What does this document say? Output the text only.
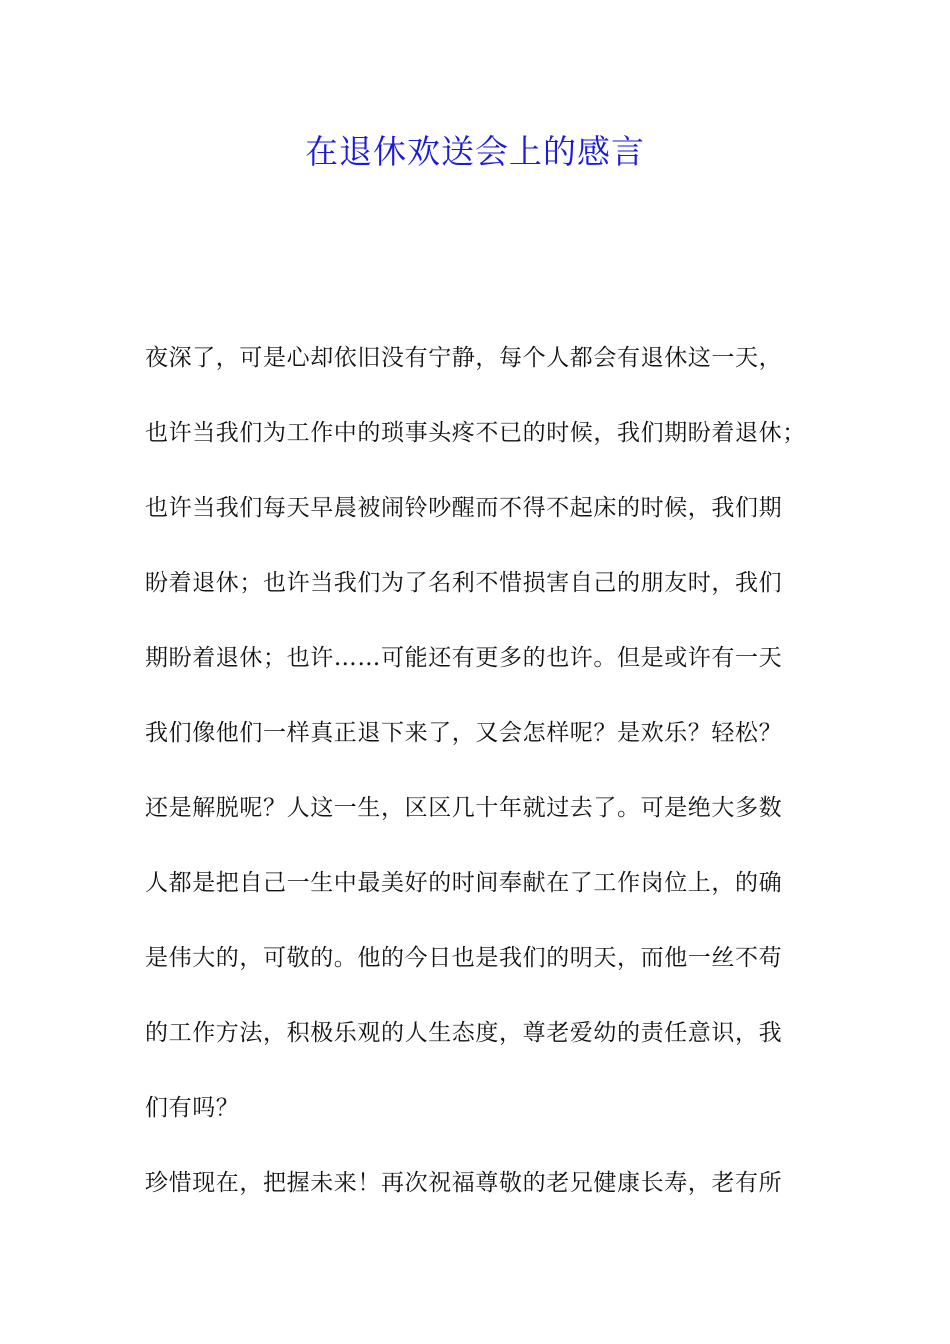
在退休欢送会上的感言
夜深了，可是心却依旧没有宁静，每个人都会有退休这一天，
也许当我们为工作中的琐事头疼不已的时候，我们期盼着退休；
也许当我们每天早晨被闹铃吵醒而不得不起床的时候，我们期
盼着退休；也许当我们为了名利不惜损害自己的朋友时，我们
期盼着退休；也许……可能还有更多的也许。但是或许有一天
我们像他们一样真正退下来了，又会怎样呢？是欢乐？轻松？
还是解脱呢？人这一生，区区几十年就过去了。可是绝大多数
人都是把自己一生中最美好的时间奉献在了工作岗位上，的确
是伟大的，可敬的。他的今日也是我们的明天，而他一丝不苟
的工作方法，积极乐观的人生态度，尊老爱幼的责任意识，我
们有吗？
珍惜现在，把握未来！再次祝福尊敬的老兄健康长寿，老有所
